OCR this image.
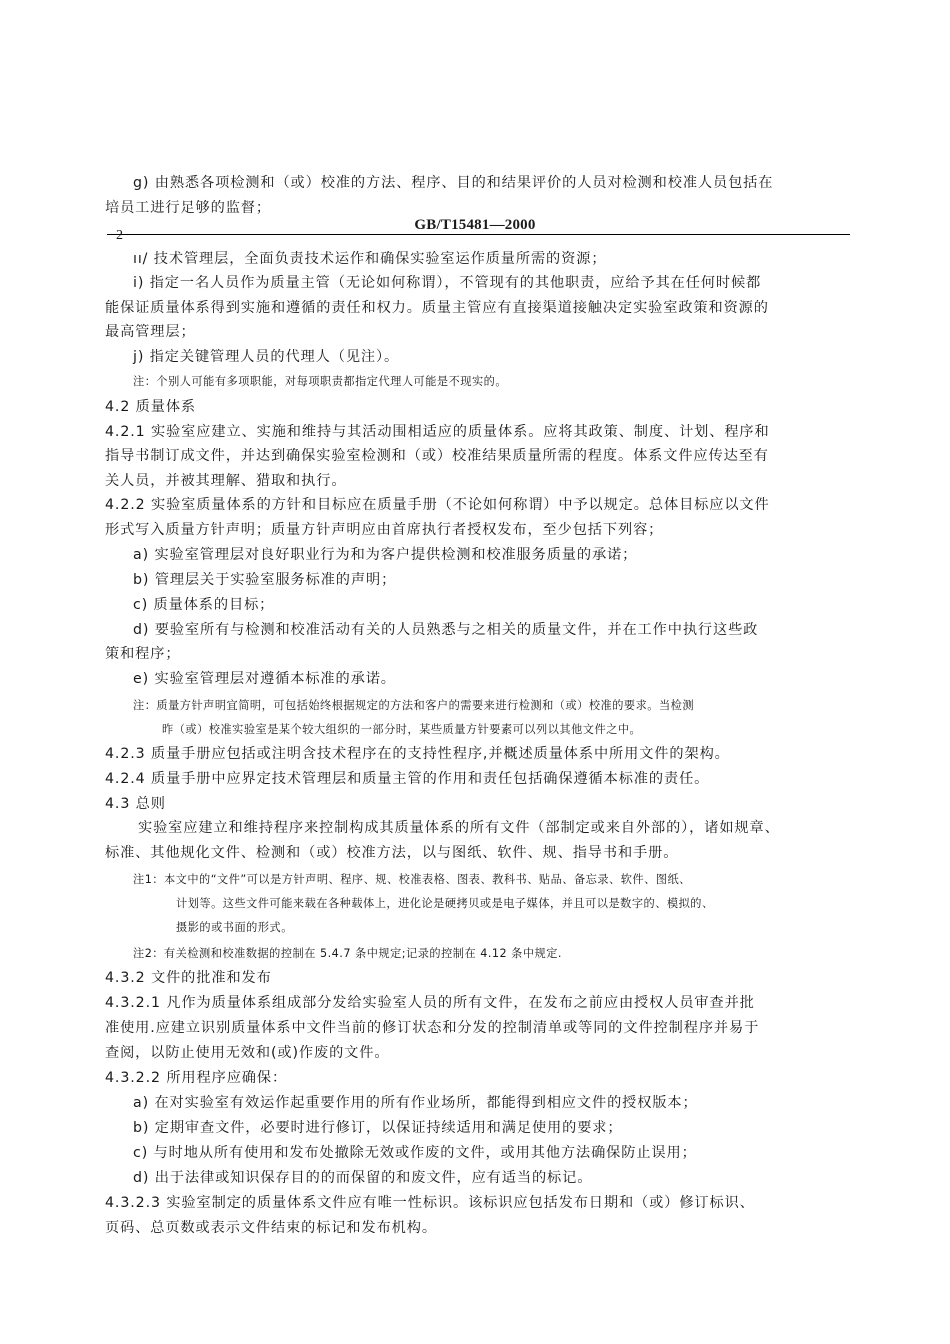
g) 由熟悉各项检测和（或）校准的方法、程序、目的和结果评价的人员对检测和校准人员包括在
培员工进行足够的监督；
GB/T15481—2000
2
ıı/ 技术管理层，全面负责技术运作和确保实验室运作质量所需的资源；
i) 指定一名人员作为质量主管（无论如何称谓），不管现有的其他职责，应给予其在任何时候都
能保证质量体系得到实施和遵循的责任和权力。质量主管应有直接渠道接触决定实验室政策和资源的
最高管理层；
j) 指定关键管理人员的代理人（见注）。
注：个别人可能有多项职能，对每项职责都指定代理人可能是不现实的。
4.2 质量体系
4.2.1 实验室应建立、实施和维持与其活动围相适应的质量体系。应将其政策、制度、计划、程序和
指导书制订成文件，并达到确保实验室检测和（或）校准结果质量所需的程度。体系文件应传达至有
关人员，并被其理解、猎取和执行。
4.2.2 实验室质量体系的方针和目标应在质量手册（不论如何称谓）中予以规定。总体目标应以文件
形式写入质量方针声明；质量方针声明应由首席执行者授权发布，至少包括下列容；
a) 实验室管理层对良好职业行为和为客户提供检测和校准服务质量的承诺；
b) 管理层关于实验室服务标准的声明；
c) 质量体系的目标；
d) 要验室所有与检测和校准活动有关的人员熟悉与之相关的质量文件，并在工作中执行这些政
策和程序；
e) 实验室管理层对遵循本标准的承诺。
注：质量方针声明宜简明，可包括始终根据规定的方法和客户的需要来进行检测和（或）校准的要求。当检测
昨（或）校准实验室是某个较大组织的一部分时，某些质量方针要素可以列以其他文件之中。
4.2.3 质量手册应包括或注明含技术程序在的支持性程序,并概述质量体系中所用文件的架构。
4.2.4 质量手册中应界定技术管理层和质量主管的作用和责任包括确保遵循本标准的责任。
4.3 总则
实验室应建立和维持程序来控制构成其质量体系的所有文件（部制定或来自外部的），诸如规章、
标准、其他规化文件、检测和（或）校准方法，以与图纸、软件、规、指导书和手册。
注1：本文中的“文件”可以是方针声明、程序、规、校准表格、图表、教科书、贴品、备忘录、软件、图纸、
计划等。这些文件可能来载在各种载体上，进化论是硬拷贝或是电子媒体，并且可以是数字的、模拟的、
摄影的或书面的形式。
注2：有关检测和校准数据的控制在 5.4.7 条中规定;记录的控制在 4.12 条中规定.
4.3.2 文件的批准和发布
4.3.2.1 凡作为质量体系组成部分发给实验室人员的所有文件，在发布之前应由授权人员审查并批
准使用.应建立识别质量体系中文件当前的修订状态和分发的控制清单或等同的文件控制程序并易于
查阅，以防止使用无效和(或)作废的文件。
4.3.2.2 所用程序应确保：
a) 在对实验室有效运作起重要作用的所有作业场所，都能得到相应文件的授权版本；
b) 定期审查文件，必要时进行修订，以保证持续适用和满足使用的要求；
c) 与时地从所有使用和发布处撤除无效或作废的文件，或用其他方法确保防止误用；
d) 出于法律或知识保存目的的而保留的和废文件，应有适当的标记。
4.3.2.3 实验室制定的质量体系文件应有唯一性标识。该标识应包括发布日期和（或）修订标识、
页码、总页数或表示文件结束的标记和发布机构。
